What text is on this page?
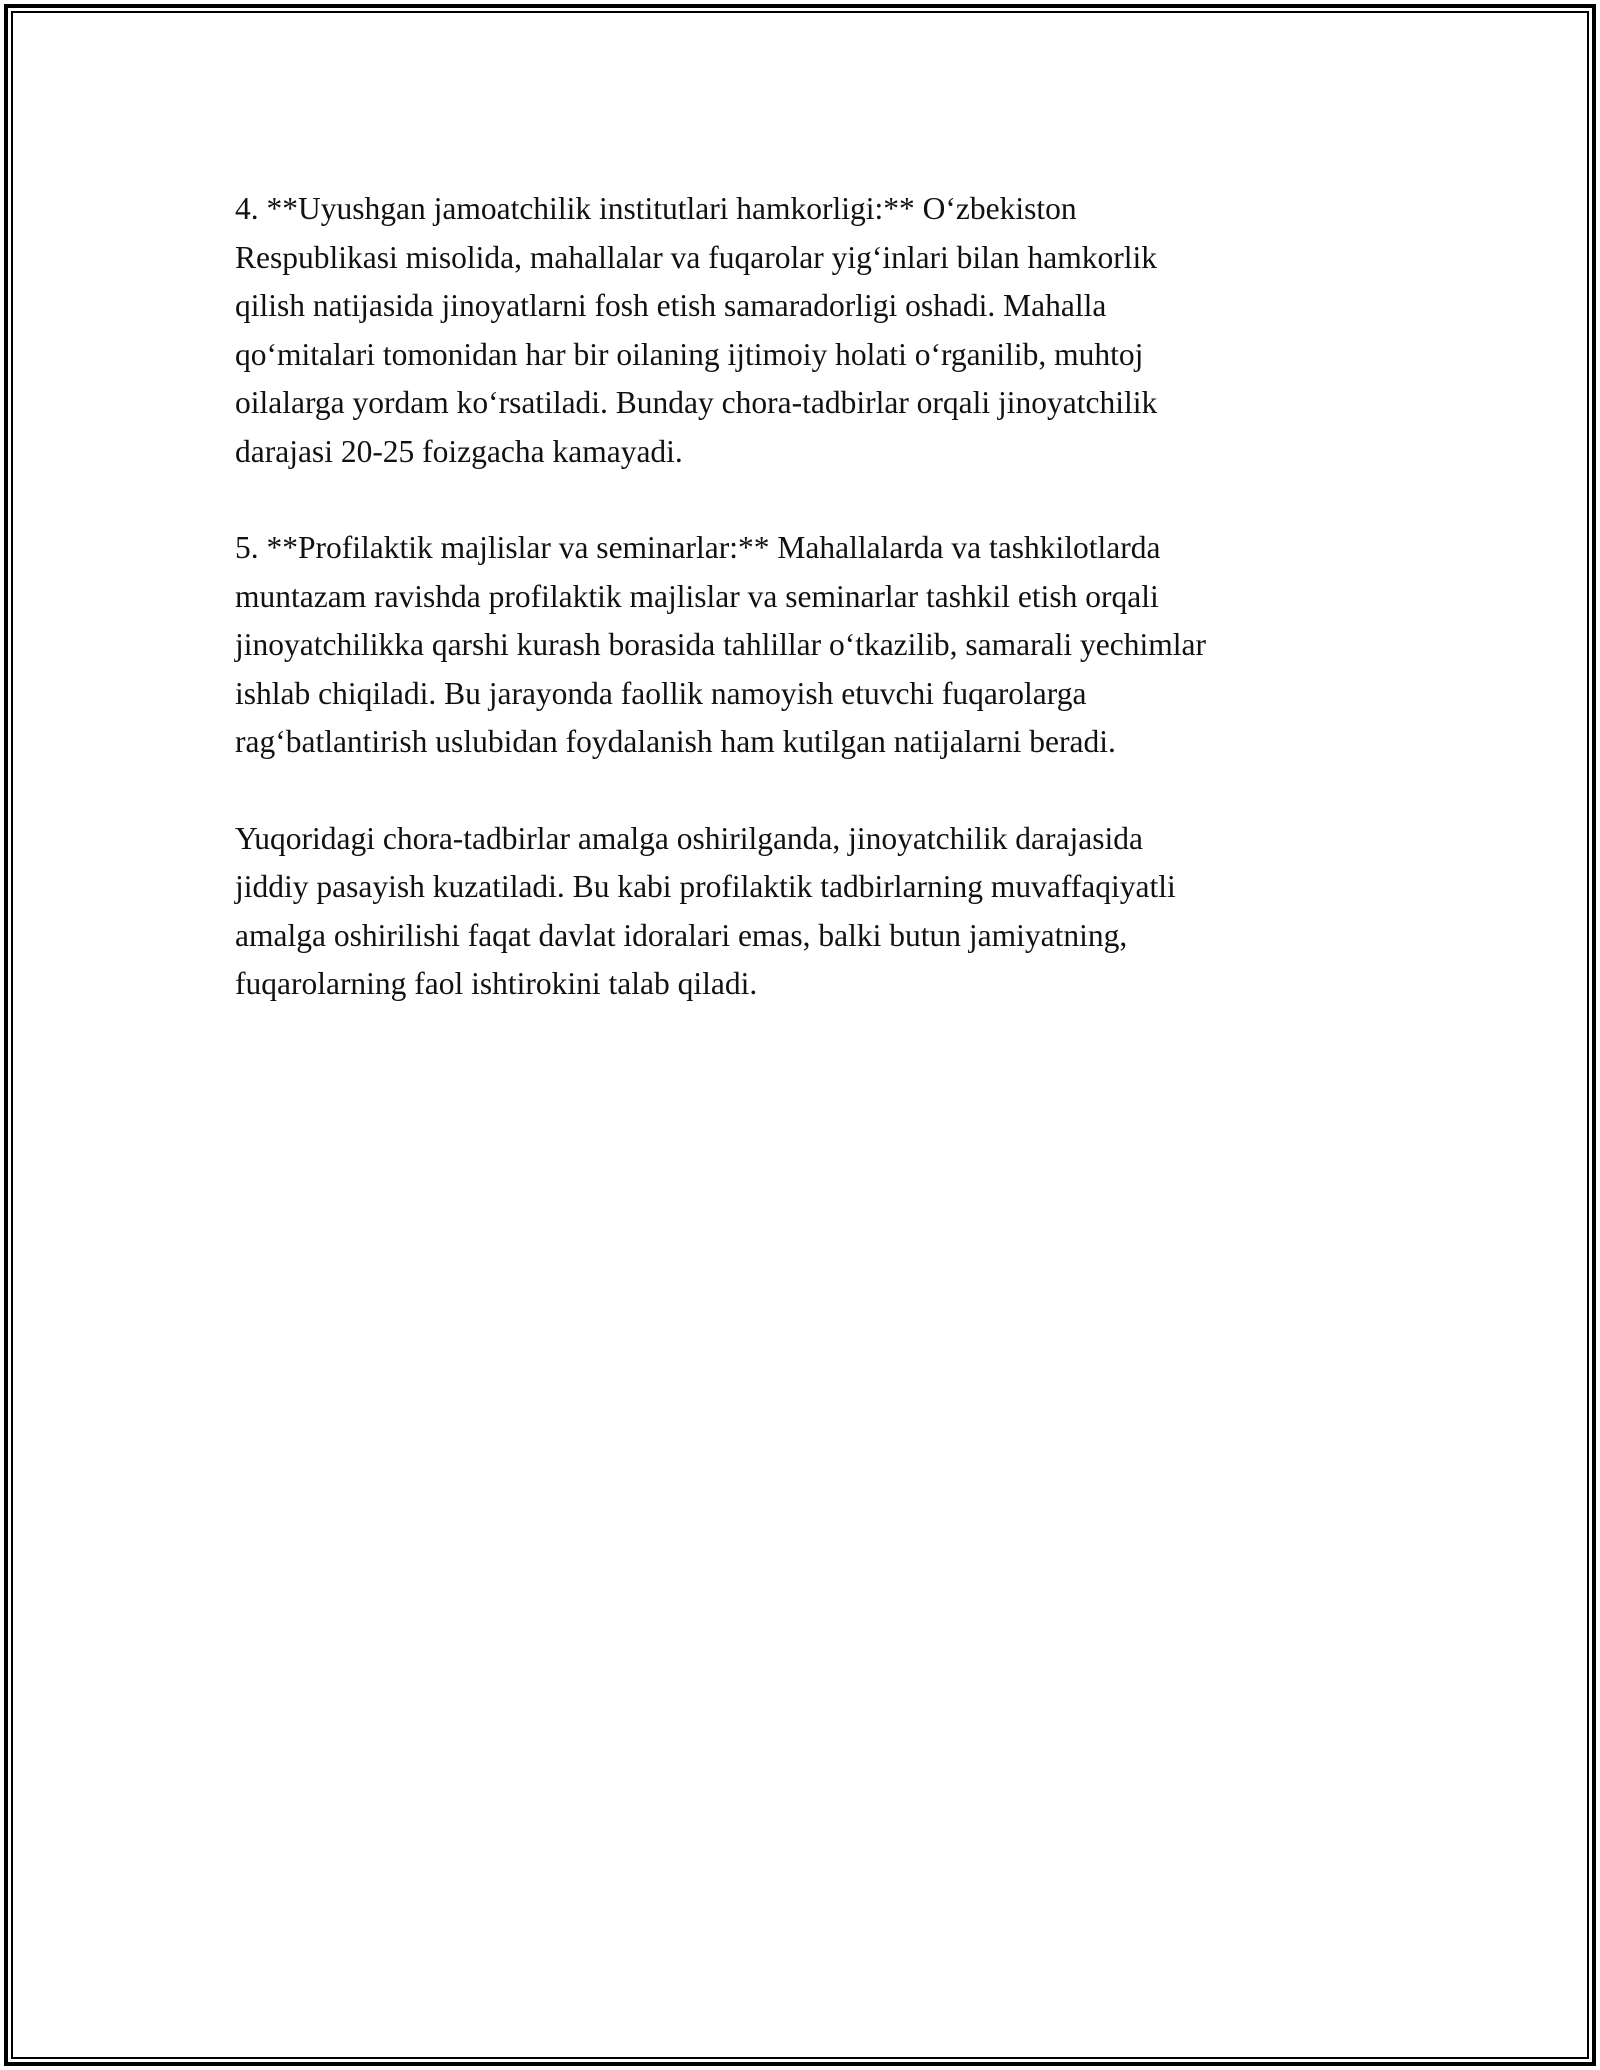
4. **Uyushgan jamoatchilik institutlari hamkorligi:** O‘zbekiston
Respublikasi misolida, mahallalar va fuqarolar yig‘inlari bilan hamkorlik
qilish natijasida jinoyatlarni fosh etish samaradorligi oshadi. Mahalla
qo‘mitalari tomonidan har bir oilaning ijtimoiy holati o‘rganilib, muhtoj
oilalarga yordam ko‘rsatiladi. Bunday chora-tadbirlar orqali jinoyatchilik
darajasi 20-25 foizgacha kamayadi.

5. **Profilaktik majlislar va seminarlar:** Mahallalarda va tashkilotlarda
muntazam ravishda profilaktik majlislar va seminarlar tashkil etish orqali
jinoyatchilikka qarshi kurash borasida tahlillar o‘tkazilib, samarali yechimlar
ishlab chiqiladi. Bu jarayonda faollik namoyish etuvchi fuqarolarga
rag‘batlantirish uslubidan foydalanish ham kutilgan natijalarni beradi.

Yuqoridagi chora-tadbirlar amalga oshirilganda, jinoyatchilik darajasida
jiddiy pasayish kuzatiladi. Bu kabi profilaktik tadbirlarning muvaffaqiyatli
amalga oshirilishi faqat davlat idoralari emas, balki butun jamiyatning,
fuqarolarning faol ishtirokini talab qiladi.
